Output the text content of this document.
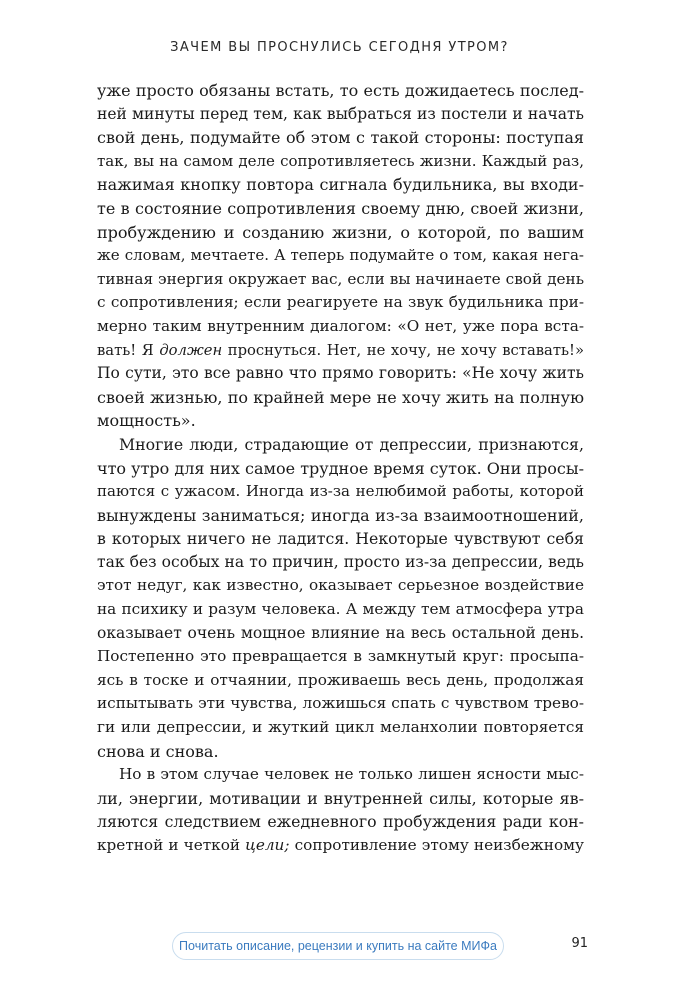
ЗАЧЕМ ВЫ ПРОСНУЛИСЬ СЕГОДНЯ УТРОМ?

уже просто обязаны встать, то есть дожидаетесь послед-
ней минуты перед тем, как выбраться из постели и начать
свой день, подумайте об этом с такой стороны: поступая
так, вы на самом деле сопротивляетесь жизни. Каждый раз,
нажимая кнопку повтора сигнала будильника, вы входи-
те в состояние сопротивления своему дню, своей жизни,
пробуждению и созданию жизни, о которой, по вашим
же словам, мечтаете. А теперь подумайте о том, какая нега-
тивная энергия окружает вас, если вы начинаете свой день
с сопротивления; если реагируете на звук будильника при-
мерно таким внутренним диалогом: «О нет, уже пора вста-
вать! Я должен проснуться. Нет, не хочу, не хочу вставать!»
По сути, это все равно что прямо говорить: «Не хочу жить
своей жизнью, по крайней мере не хочу жить на полную
мощность».

Многие люди, страдающие от депрессии, признаются,
что утро для них самое трудное время суток. Они просы-
паются с ужасом. Иногда из-за нелюбимой работы, которой
вынуждены заниматься; иногда из-за взаимоотношений,
в которых ничего не ладится. Некоторые чувствуют себя
так без особых на то причин, просто из-за депрессии, ведь
этот недуг, как известно, оказывает серьезное воздействие
на психику и разум человека. А между тем атмосфера утра
оказывает очень мощное влияние на весь остальной день.
Постепенно это превращается в замкнутый круг: просыпа-
ясь в тоске и отчаянии, проживаешь весь день, продолжая
испытывать эти чувства, ложишься спать с чувством трево-
ги или депрессии, и жуткий цикл меланхолии повторяется
снова и снова.

Но в этом случае человек не только лишен ясности мыс-
ли, энергии, мотивации и внутренней силы, которые яв-
ляются следствием ежедневного пробуждения ради кон-
кретной и четкой цели; сопротивление этому неизбежному

Почитать описание, рецензии и купить на сайте МИФа	91
